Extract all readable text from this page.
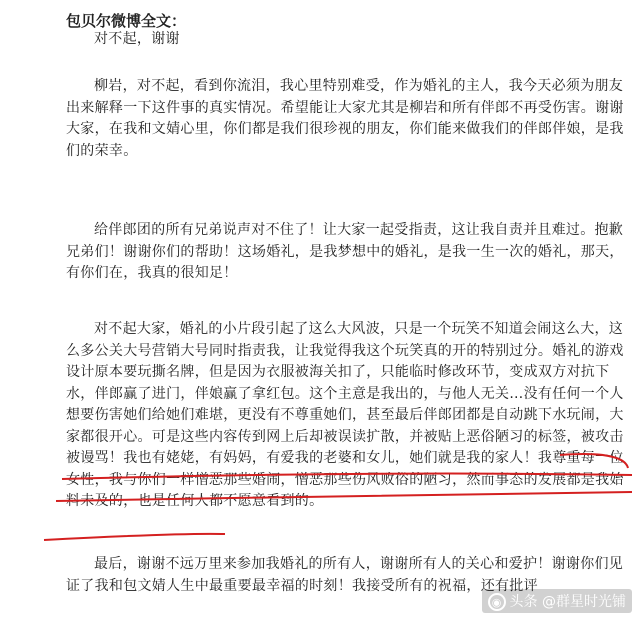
包贝尔微博全文：
对不起，谢谢
柳岩，对不起，看到你流泪，我心里特别难受，作为婚礼的主人，我今天必须为朋友出来解释一下这件事的真实情况。希望能让大家尤其是柳岩和所有伴郎不再受伤害。谢谢大家，在我和文婧心里，你们都是我们很珍视的朋友，你们能来做我们的伴郎伴娘，是我们的荣幸。
给伴郎团的所有兄弟说声对不住了！让大家一起受指责，这让我自责并且难过。抱歉兄弟们！谢谢你们的帮助！这场婚礼，是我梦想中的婚礼，是我一生一次的婚礼，那天，有你们在，我真的很知足！
对不起大家，婚礼的小片段引起了这么大风波，只是一个玩笑不知道会闹这么大，这么多公关大号营销大号同时指责我，让我觉得我这个玩笑真的开的特别过分。婚礼的游戏设计原本要玩撕名牌，但是因为衣服被海关扣了，只能临时修改环节，变成双方对抗下水，伴郎赢了进门，伴娘赢了拿红包。这个主意是我出的，与他人无关…没有任何一个人想要伤害她们给她们难堪，更没有不尊重她们，甚至最后伴郎团都是自动跳下水玩闹，大家都很开心。可是这些内容传到网上后却被误读扩散，并被贴上恶俗陋习的标签，被攻击被谩骂！我也有姥姥，有妈妈，有爱我的老婆和女儿，她们就是我的家人！我尊重每一位女性，我与你们一样憎恶那些婚闹，憎恶那些伤风败俗的陋习，然而事态的发展都是我始料未及的，也是任何人都不愿意看到的。
最后，谢谢不远万里来参加我婚礼的所有人，谢谢所有人的关心和爱护！谢谢你们见证了我和包文婧人生中最重要最幸福的时刻！我接受所有的祝福，还有批评
◉ 头条 @群星时光铺
